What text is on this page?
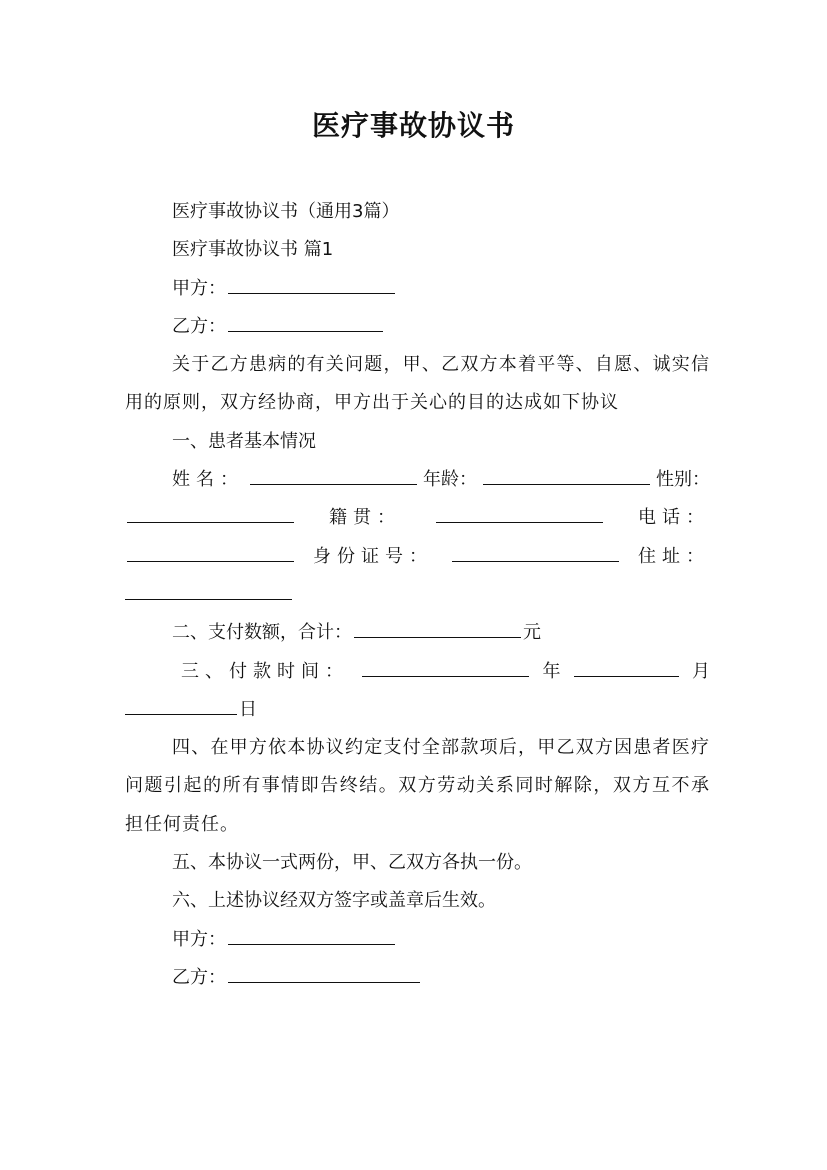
医疗事故协议书

医疗事故协议书（通用3篇）

医疗事故协议书 篇1

甲方：

乙方：

关于乙方患病的有关问题，甲、乙双方本着平等、自愿、诚实信用的原则，双方经协商，甲方出于关心的目的达成如下协议

一、患者基本情况

姓名：	年龄：	性别：
籍贯：	电话：
身份证号：	住址：

二、支付数额，合计：	元

三、付款时间：	年	月
日

四、在甲方依本协议约定支付全部款项后，甲乙双方因患者医疗问题引起的所有事情即告终结。双方劳动关系同时解除，双方互不承担任何责任。

五、本协议一式两份，甲、乙双方各执一份。

六、上述协议经双方签字或盖章后生效。

甲方：

乙方：
